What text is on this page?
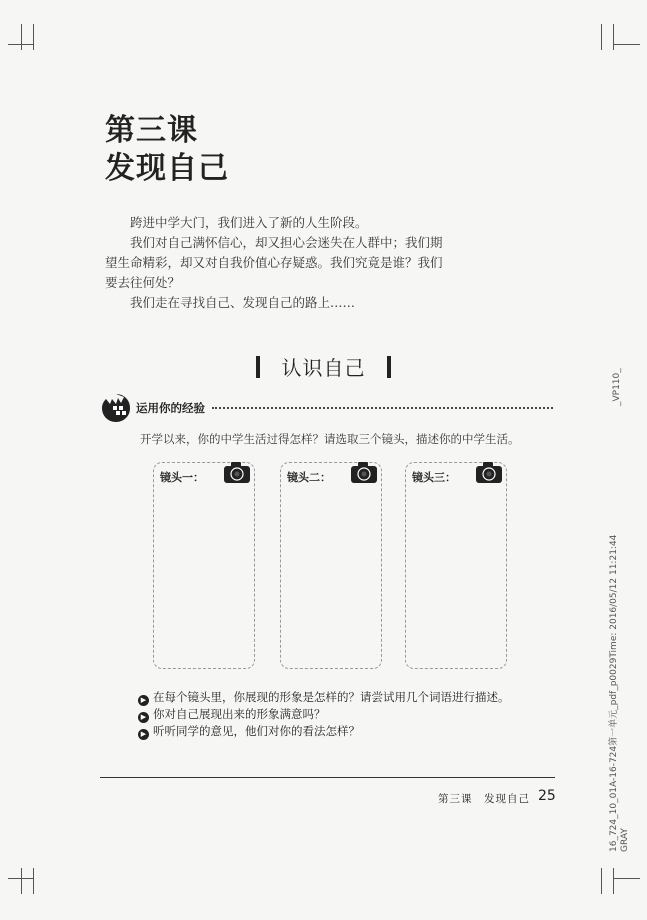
第三课
发现自己

跨进中学大门，我们进入了新的人生阶段。

我们对自己满怀信心，却又担心会迷失在人群中；我们期望生命精彩，却又对自我价值心存疑惑。我们究竟是谁？我们要去往何处？

我们走在寻找自己、发现自己的路上……

认识自己
运用你的经验
开学以来，你的中学生活过得怎样？请选取三个镜头，描述你的中学生活。
镜头一：	镜头二：	镜头三：
▶ 在每个镜头里，你展现的形象是怎样的？请尝试用几个词语进行描述。
▶ 你对自己展现出来的形象满意吗？
▶ 听听同学的意见，他们对你的看法怎样？
第三课　发现自己 25
_VP110_
16_724_10_01A-16-724第一单元_pdf_p0029Time: 2016/05/12 11:21:44 GRAY
